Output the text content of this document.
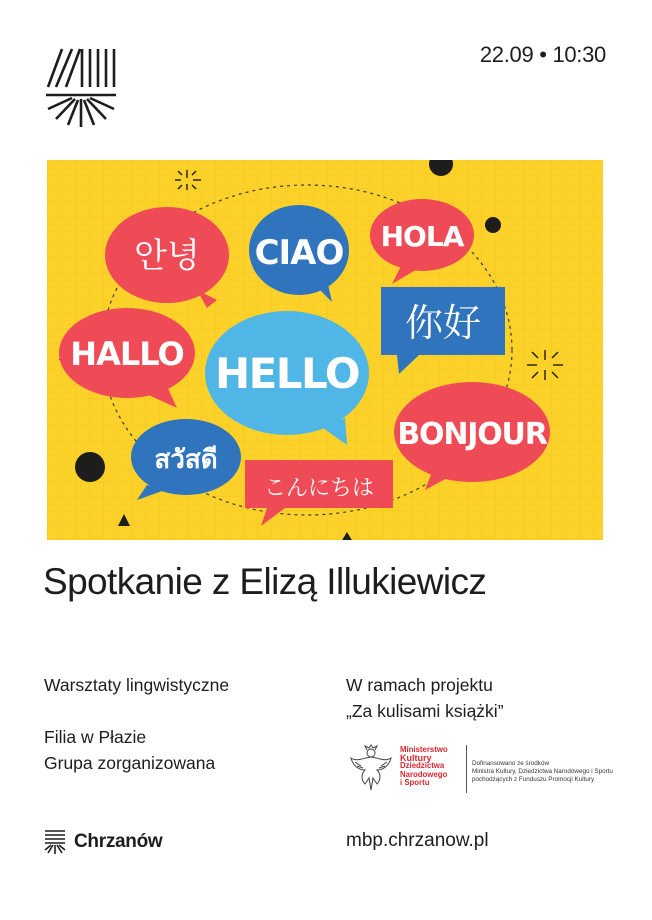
22.09 • 10:30
안녕 CIAO HOLA
你好
HALLO HELLO
BONJOUR
สวัสดี
こんにちは
Spotkanie z Elizą Illukiewicz
Warsztaty lingwistyczne
Filia w Płazie
Grupa zorganizowana
W ramach projektu
„Za kulisami książki”
Ministerstwo
Kultury
Dziedzictwa
Narodowego
i Sportu
Dofinansowano ze środków
Ministra Kultury, Dziedzictwa Narodowego i Sportu
pochodzących z Funduszu Promocji Kultury
Chrzanów	mbp.chrzanow.pl
